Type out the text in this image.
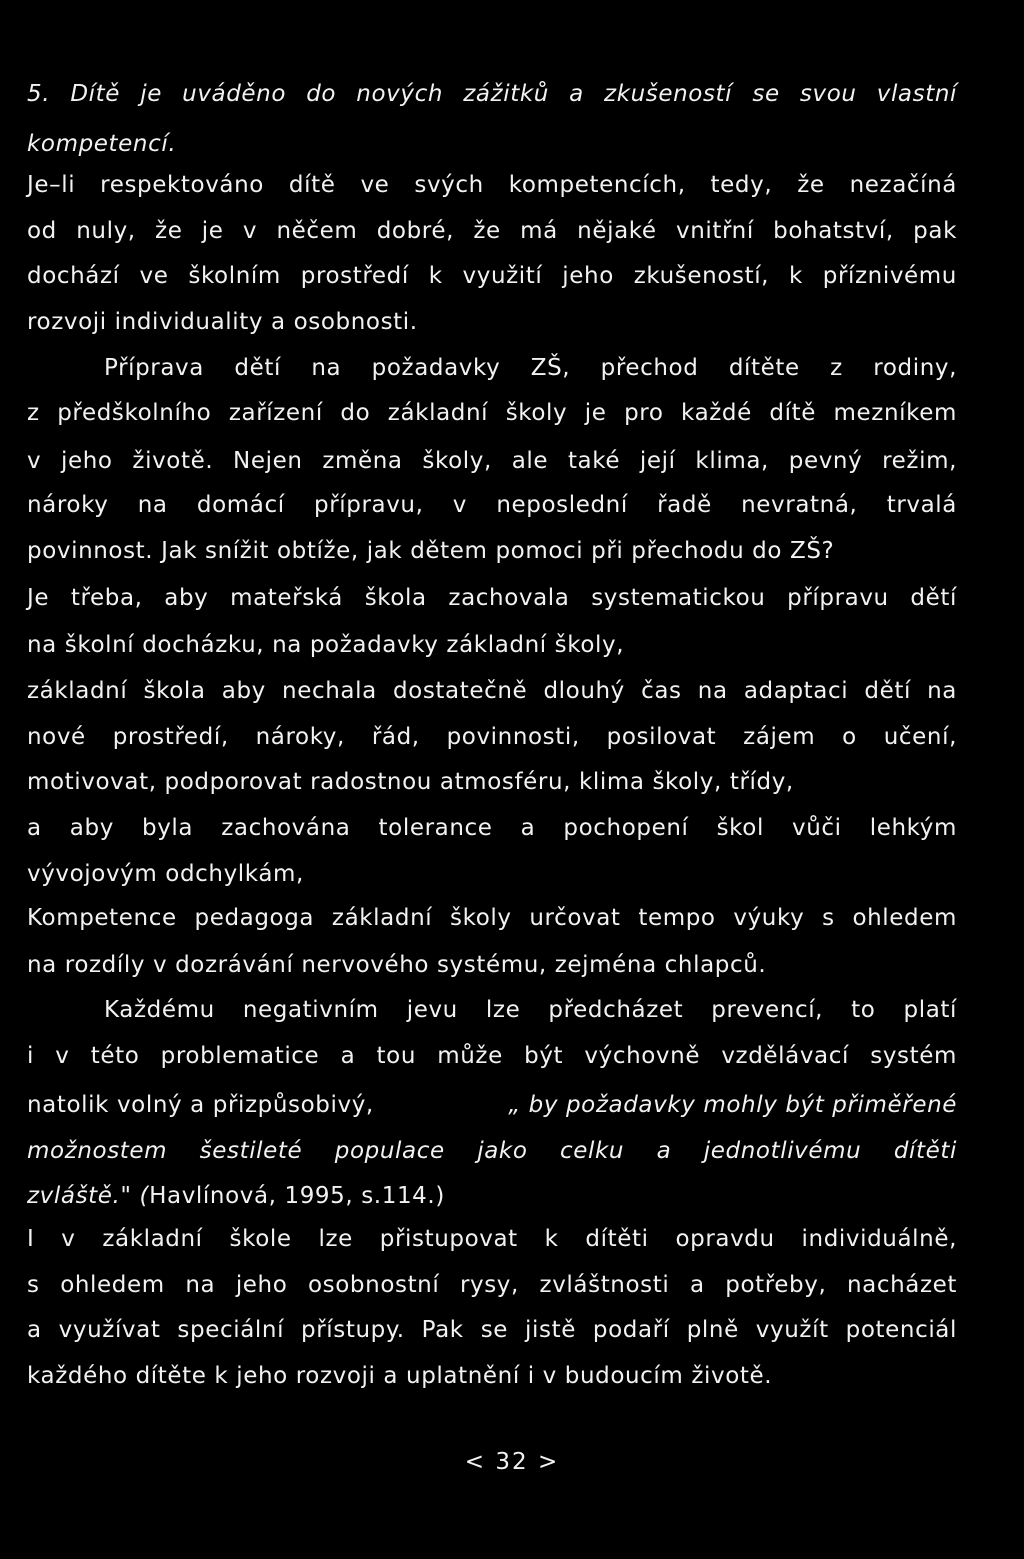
5. Dítě je uváděno do nových zážitků a zkušeností se svou vlastní
kompetencí.
Je–li respektováno dítě ve svých kompetencích, tedy, že nezačíná
od nuly, že je v něčem dobré, že má nějaké vnitřní bohatství, pak
dochází ve školním prostředí k využití jeho zkušeností, k příznivému
rozvoji individuality a osobnosti.
Příprava dětí na požadavky ZŠ, přechod dítěte z rodiny,
z předškolního zařízení do základní školy je pro každé dítě mezníkem
v jeho životě. Nejen změna školy, ale také její klima, pevný režim,
nároky na domácí přípravu, v neposlední řadě nevratná, trvalá
povinnost. Jak snížit obtíže, jak dětem pomoci při přechodu do ZŠ?
Je třeba, aby mateřská škola zachovala systematickou přípravu dětí
na školní docházku, na požadavky základní školy,
základní škola aby nechala dostatečně dlouhý čas na adaptaci dětí na
nové prostředí, nároky, řád, povinnosti, posilovat zájem o učení,
motivovat, podporovat radostnou atmosféru, klima školy, třídy,
a aby byla zachována tolerance a pochopení škol vůči lehkým
vývojovým odchylkám,
Kompetence pedagoga základní školy určovat tempo výuky s ohledem
na rozdíly v dozrávání nervového systému, zejména chlapců.
Každému negativním jevu lze předcházet prevencí, to platí
i v této problematice a tou může být výchovně vzdělávací systém
natolik volný a přizpůsobivý,	„ by požadavky mohly být přiměřené
možnostem šestileté populace jako celku a jednotlivému dítěti
zvláště." (Havlínová, 1995, s.114.)
I v základní škole lze přistupovat k dítěti opravdu individuálně,
s ohledem na jeho osobnostní rysy, zvláštnosti a potřeby, nacházet
a využívat speciální přístupy. Pak se jistě podaří plně využít potenciál
každého dítěte k jeho rozvoji a uplatnění i v budoucím životě.
< 32 >
